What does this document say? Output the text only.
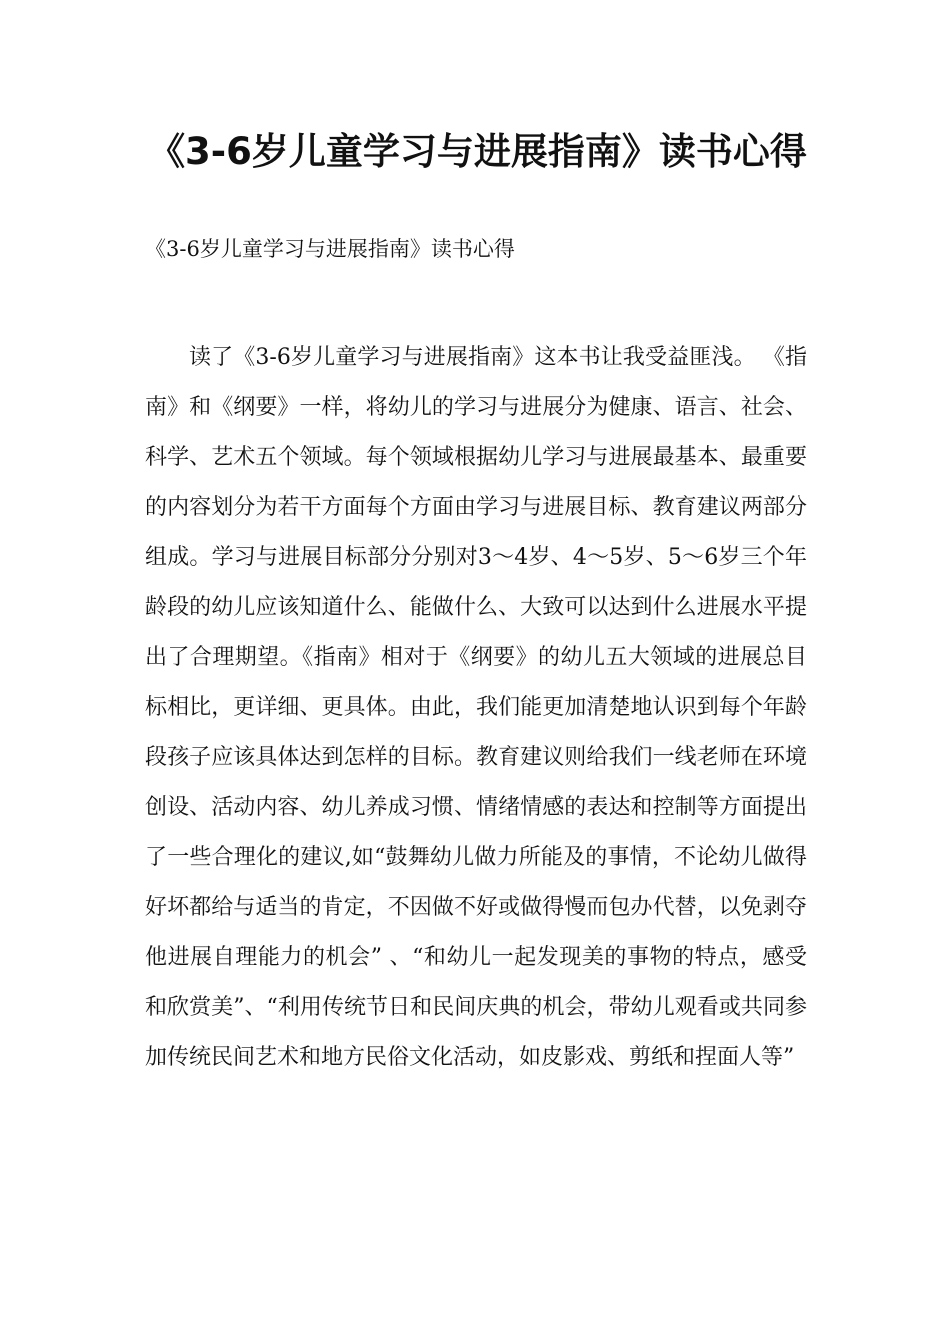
《3-6岁儿童学习与进展指南》读书心得

《3-6岁儿童学习与进展指南》读书心得

读了《3-6岁儿童学习与进展指南》这本书让我受益匪浅。 《指南》和《纲要》一样，将幼儿的学习与进展分为健康、语言、社会、科学、艺术五个领域。每个领域根据幼儿学习与进展最基本、最重要的内容划分为若干方面每个方面由学习与进展目标、教育建议两部分组成。学习与进展目标部分分别对3～4岁、4～5岁、5～6岁三个年龄段的幼儿应该知道什么、能做什么、大致可以达到什么进展水平提出了合理期望。《指南》相对于《纲要》的幼儿五大领域的进展总目标相比，更详细、更具体。由此，我们能更加清楚地认识到每个年龄段孩子应该具体达到怎样的目标。教育建议则给我们一线老师在环境创设、活动内容、幼儿养成习惯、情绪情感的表达和控制等方面提出了一些合理化的建议,如“鼓舞幼儿做力所能及的事情，不论幼儿做得好坏都给与适当的肯定，不因做不好或做得慢而包办代替，以免剥夺他进展自理能力的机会” 、“和幼儿一起发现美的事物的特点，感受和欣赏美”、“利用传统节日和民间庆典的机会，带幼儿观看或共同参加传统民间艺术和地方民俗文化活动，如皮影戏、剪纸和捏面人等”
